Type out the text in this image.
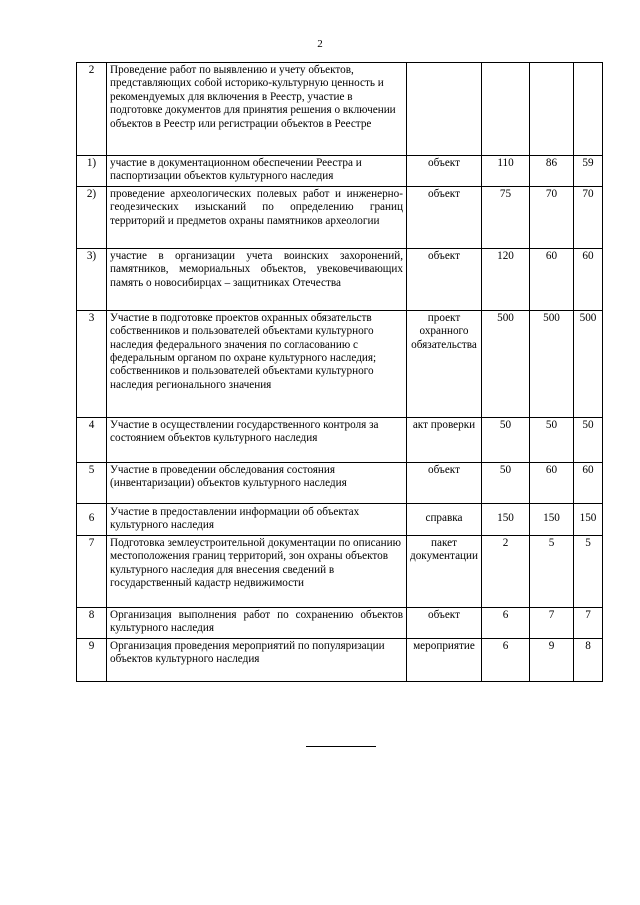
2
2	Проведение работ по выявлению и учету объектов, представляющих собой историко-культурную ценность и рекомендуемых для включения в Реестр, участие в подготовке документов для принятия решения о включении объектов в Реестр или регистрации объектов в Реестре				
1)	участие в документационном обеспечении Реестра и паспортизации объектов культурного наследия	объект	110	86	59
2)	проведение археологических полевых работ и инженерно-геодезических изысканий по определению границ территорий и предметов охраны памятников археологии	объект	75	70	70
3)	участие в организации учета воинских захоронений, памятников, мемориальных объектов, увековечивающих память о новосибирцах – защитниках Отечества	объект	120	60	60
3	Участие в подготовке проектов охранных обязательств собственников и пользователей объектами культурного наследия федерального значения по согласованию с федеральным органом по охране культурного наследия; собственников и пользователей объектами культурного наследия регионального значения	проект охранного обязательства	500	500	500
4	Участие в осуществлении государственного контроля за состоянием объектов культурного наследия	акт проверки	50	50	50
5	Участие в проведении обследования состояния (инвентаризации) объектов культурного наследия	объект	50	60	60
6	Участие в предоставлении информации об объектах культурного наследия	справка	150	150	150
7	Подготовка землеустроительной документации по описанию местоположения границ территорий, зон охраны объектов культурного наследия для внесения сведений в государственный кадастр недвижимости	пакет документации	2	5	5
8	Организация выполнения работ по сохранению объектов культурного наследия	объект	6	7	7
9	Организация проведения мероприятий по популяризации объектов культурного наследия	мероприятие	6	9	8
